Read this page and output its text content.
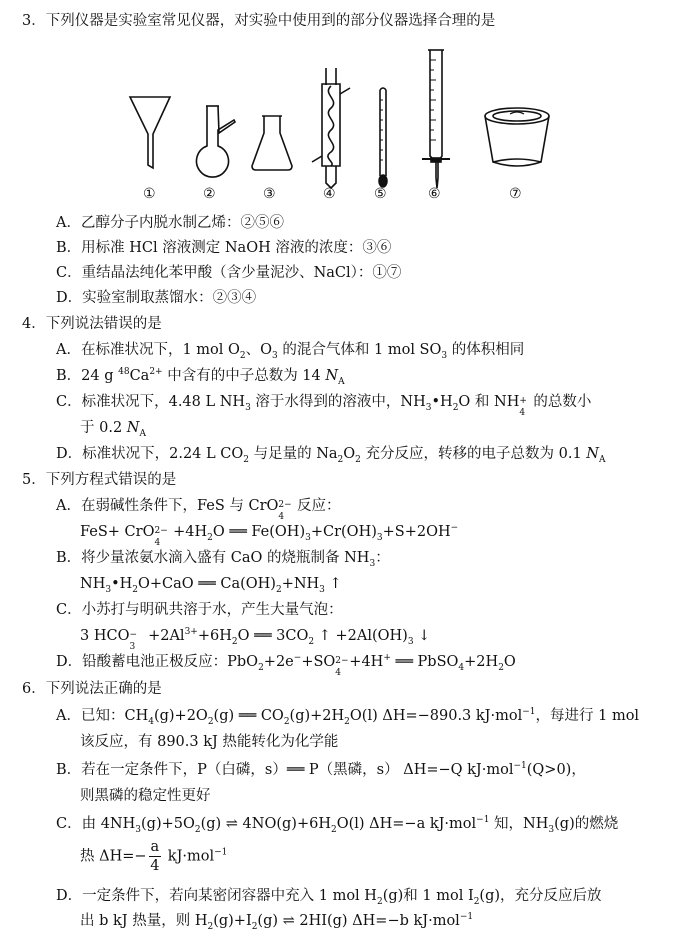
3．下列仪器是实验室常见仪器，对实验中使用到的部分仪器选择合理的是
①	②	③	④	⑤	⑥	⑦
A．乙醇分子内脱水制乙烯：②⑤⑥
B．用标准 HCl 溶液测定 NaOH 溶液的浓度：③⑥
C．重结晶法纯化苯甲酸（含少量泥沙、NaCl）：①⑦
D．实验室制取蒸馏水：②③④
4．下列说法错误的是
A．在标准状况下，1 mol $O_2$、$O_3$ 的混合气体和 1 mol $SO_3$ 的体积相同
B．24 g $^{48}Ca^{2+}$ 中含有的中子总数为 14 $N_A$
C．标准状况下，4.48 L $NH_3$ 溶于水得到的溶液中，$NH_3•H_2O$ 和 NH +
4
的总数小
于 0.2 $N_A$
D．标准状况下，2.24 L $CO_2$ 与足量的 $Na_2O_2$ 充分反应，转移的电子总数为 0.1 $N_A$
5．下列方程式错误的是
A．在弱碱性条件下，FeS 与 CrO 2−
4
反应：
FeS+ CrO 2−
4
$+4H_2O$ ══ $Fe(OH)_3+Cr(OH)_3+S+2OH^-$
B．将少量浓氨水滴入盛有 CaO 的烧瓶制备 $NH_3$：
$NH_3•H_2O+CaO$ ══ $Ca(OH)_2+NH_3$ ↑
C．小苏打与明矾共溶于水，产生大量气泡：
3 HCO −
3
$+2Al^{3+}+6H_2O$ ══ $3CO_2$ ↑ $+2Al(OH)_3$ ↓
D．铅酸蓄电池正极反应：PbO$_2$+2e−+SO 2−
4
+4H+ ══ $PbSO_4+2H_2O$
6．下列说法正确的是
A．已知：$CH_4(g)+2O_2(g)$ ══ $CO_2(g)+2H_2O(l)$ ΔH=−890.3 kJ·mol$^{-1}$，每进行 1 mol
该反应，有 890.3 kJ 热能转化为化学能
B．若在一定条件下，P（白磷，s）══ P（黑磷，s） ΔH=−Q kJ·mol$^{-1}$(Q>0)，
则黑磷的稳定性更好
C．由 $4NH_3(g)+5O_2(g)$ ⇌ $4NO(g)+6H_2O(l)$ ΔH=−a kJ·mol$^{-1}$ 知，$NH_3(g)$的燃烧
热 $\Delta H=- \frac{a}{4} kJ\cdot mol^{-1}$
D．一定条件下，若向某密闭容器中充入 1 mol $H_2(g)$和 1 mol $I_2(g)$，充分反应后放
出 b kJ 热量，则 $H_2(g)+I_2(g)$ ⇌ 2HI(g) ΔH=−b kJ·mol$^{-1}$
